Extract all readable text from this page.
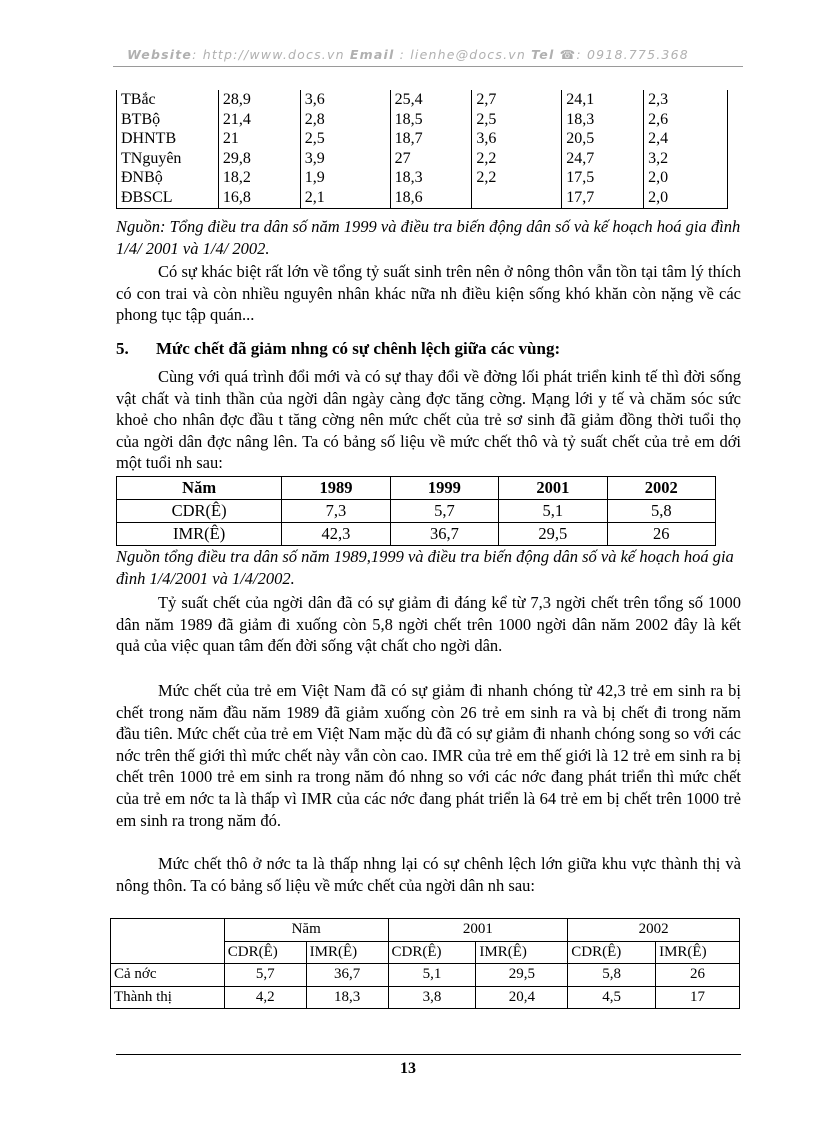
Website: http://www.docs.vn Email : lienhe@docs.vn Tel ☎: 0918.775.368
TBắc	28,9	3,6	25,4	2,7	24,1	2,3
BTBộ	21,4	2,8	18,5	2,5	18,3	2,6
DHNTB	21	2,5	18,7	3,6	20,5	2,4
TNguyên	29,8	3,9	27	2,2	24,7	3,2
ĐNBộ	18,2	1,9	18,3	2,2	17,5	2,0
ĐBSCL	16,8	2,1	18,6		17,7	2,0
Nguồn: Tổng điều tra dân số năm 1999 và điều tra biến động dân số và kế hoạch hoá gia đình 1/4/ 2001 và 1/4/ 2002.
Có sự khác biệt rất lớn về tổng tỷ suất sinh trên nên ở nông thôn vẫn tồn tại tâm lý thích có con trai và còn nhiều nguyên nhân khác nữa nh điều kiện sống khó khăn còn nặng về các phong tục tập quán...
5. Mức chết đã giảm nhng có sự chênh lệch giữa các vùng:
Cùng với quá trình đổi mới và có sự thay đổi về đờng lối phát triển kinh tế thì đời sống vật chất và tinh thần của ngời dân ngày càng đợc tăng cờng. Mạng lới y tế và chăm sóc sức khoẻ cho nhân đợc đầu t tăng cờng nên mức chết của trẻ sơ sinh đã giảm đồng thời tuổi thọ của ngời dân đợc nâng lên. Ta có bảng số liệu về mức chết thô và tỷ suất chết của trẻ em dới một tuổi nh sau:
Năm	1989	1999	2001	2002
CDR(Ê)	7,3	5,7	5,1	5,8
IMR(Ê)	42,3	36,7	29,5	26
Nguồn tổng điều tra dân số năm 1989,1999 và điều tra biến động dân số và kế hoạch hoá gia đình 1/4/2001 và 1/4/2002.
Tỷ suất chết của ngời dân đã có sự giảm đi đáng kể từ 7,3 ngời chết trên tổng số 1000 dân năm 1989 đã giảm đi xuống còn 5,8 ngời chết trên 1000 ngời dân năm 2002 đây là kết quả của việc quan tâm đến đời sống vật chất cho ngời dân.
Mức chết của trẻ em Việt Nam đã có sự giảm đi nhanh chóng từ 42,3 trẻ em sinh ra bị chết trong năm đầu năm 1989 đã giảm xuống còn 26 trẻ em sinh ra và bị chết đi trong năm đầu tiên. Mức chết của trẻ em Việt Nam mặc dù đã có sự giảm đi nhanh chóng song so với các nớc trên thế giới thì mức chết này vẫn còn cao. IMR của trẻ em thế giới là 12 trẻ em sinh ra bị chết trên 1000 trẻ em sinh ra trong năm đó nhng so với các nớc đang phát triển thì mức chết của trẻ em nớc ta là thấp vì IMR của các nớc đang phát triển là 64 trẻ em bị chết trên 1000 trẻ em sinh ra trong năm đó.
Mức chết thô ở nớc ta là thấp nhng lại có sự chênh lệch lớn giữa khu vực thành thị và nông thôn. Ta có bảng số liệu về mức chết của ngời dân nh sau:
	Năm		2001		2002	
	CDR(Ê)	IMR(Ê)	CDR(Ê)	IMR(Ê)	CDR(Ê)	IMR(Ê)
Cả nớc	5,7	36,7	5,1	29,5	5,8	26
Thành thị	4,2	18,3	3,8	20,4	4,5	17
13
